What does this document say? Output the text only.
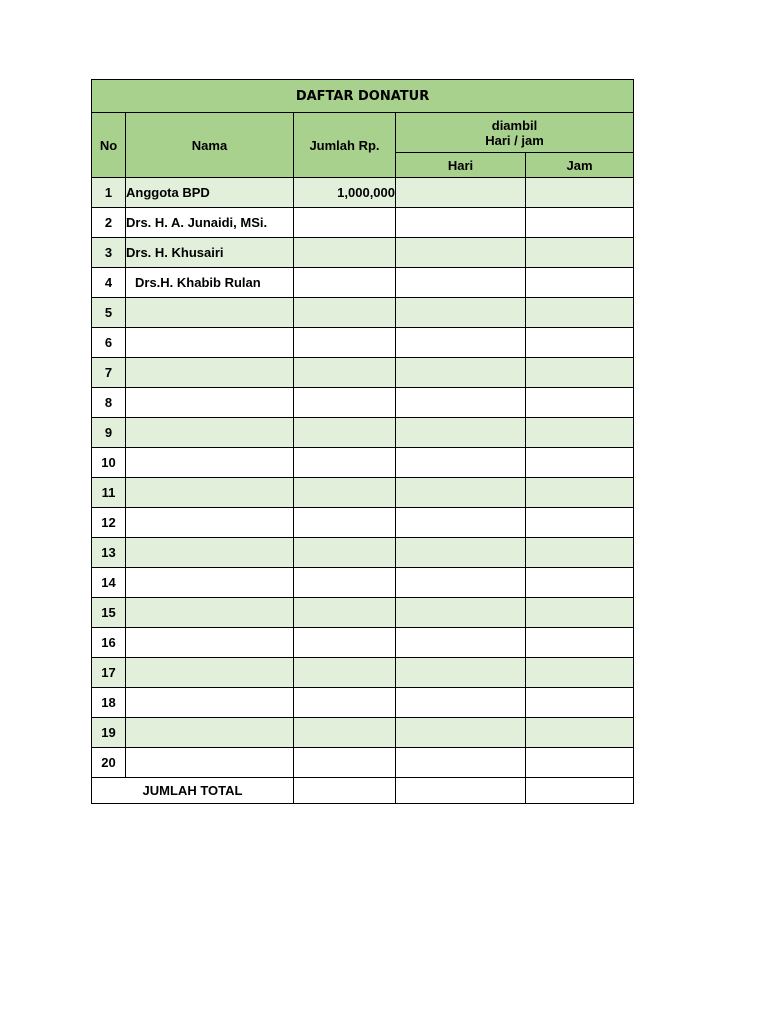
DAFTAR DONATUR				
No	Nama	Jumlah Rp.	diambil
Hari / jam	

			Hari	Jam
1	Anggota BPD	1,000,000		
2	Drs. H. A. Junaidi, MSi.			
3	Drs. H. Khusairi			
4	Drs.H. Khabib Rulan			
5				
6				
7				
8				
9				
10				
11				
12				
13				
14				
15				
16				
17				
18				
19				
20				
JUMLAH TOTAL				
